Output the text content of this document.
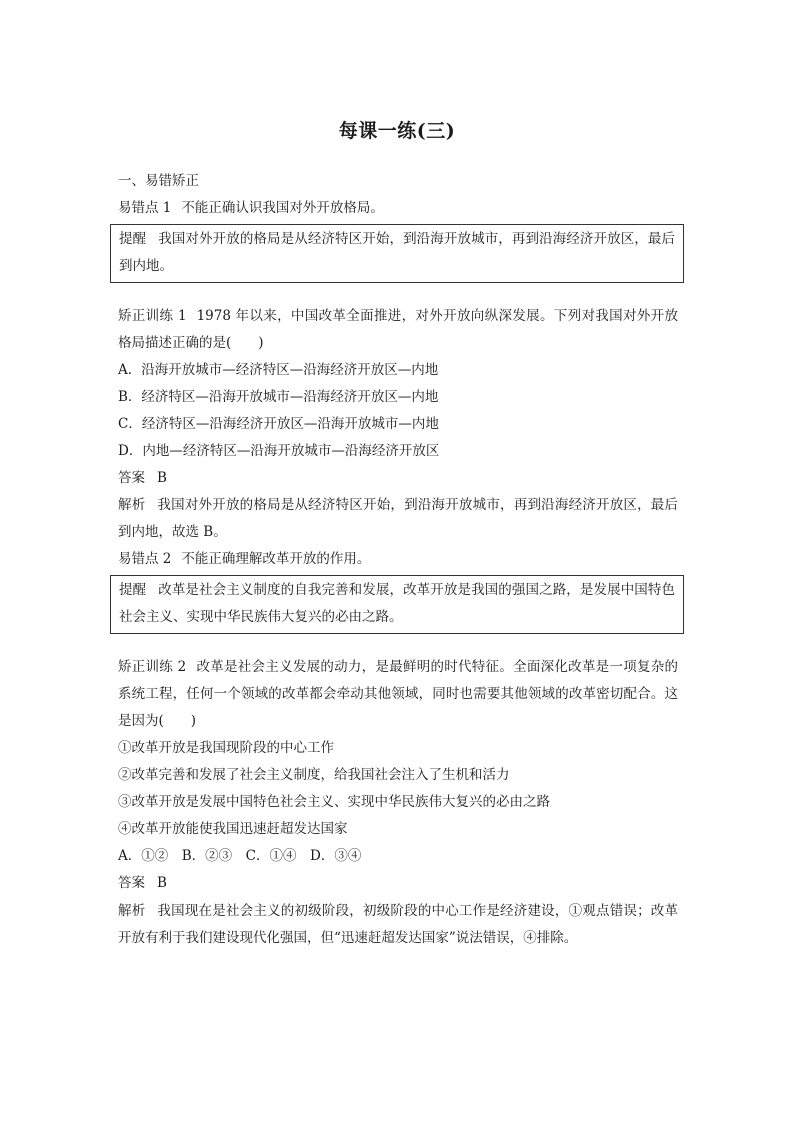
每课一练(三)
一、易错矫正
易错点 1 不能正确认识我国对外开放格局。
提醒 我国对外开放的格局是从经济特区开始，到沿海开放城市，再到沿海经济开放区，最后到内地。
矫正训练 1 1978 年以来，中国改革全面推进，对外开放向纵深发展。下列对我国对外开放格局描述正确的是(　　)
A．沿海开放城市—经济特区—沿海经济开放区—内地
B．经济特区—沿海开放城市—沿海经济开放区—内地
C．经济特区—沿海经济开放区—沿海开放城市—内地
D．内地—经济特区—沿海开放城市—沿海经济开放区
答案 B
解析 我国对外开放的格局是从经济特区开始，到沿海开放城市，再到沿海经济开放区，最后到内地，故选 B。
易错点 2 不能正确理解改革开放的作用。
提醒 改革是社会主义制度的自我完善和发展，改革开放是我国的强国之路，是发展中国特色社会主义、实现中华民族伟大复兴的必由之路。
矫正训练 2 改革是社会主义发展的动力，是最鲜明的时代特征。全面深化改革是一项复杂的系统工程，任何一个领域的改革都会牵动其他领域，同时也需要其他领域的改革密切配合。这是因为(　　)
①改革开放是我国现阶段的中心工作
②改革完善和发展了社会主义制度，给我国社会注入了生机和活力
③改革开放是发展中国特色社会主义、实现中华民族伟大复兴的必由之路
④改革开放能使我国迅速赶超发达国家
A．①②　B．②③　C．①④　D．③④
答案 B
解析 我国现在是社会主义的初级阶段，初级阶段的中心工作是经济建设，①观点错误；改革开放有利于我们建设现代化强国，但“迅速赶超发达国家”说法错误，④排除。
